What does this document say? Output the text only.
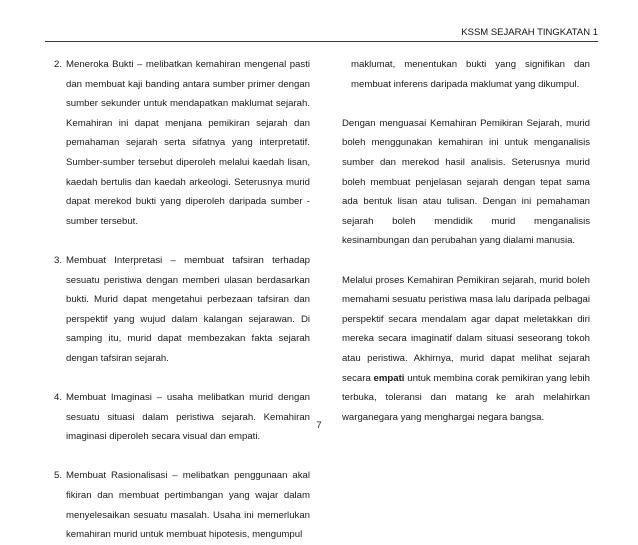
KSSM SEJARAH TINGKATAN 1
2. Meneroka Bukti – melibatkan kemahiran mengenal pasti dan membuat kaji banding antara sumber primer dengan sumber sekunder untuk mendapatkan maklumat sejarah. Kemahiran ini dapat menjana pemikiran sejarah dan pemahaman sejarah serta sifatnya yang interpretatif. Sumber-sumber tersebut diperoleh melalui kaedah lisan, kaedah bertulis dan kaedah arkeologi. Seterusnya murid dapat merekod bukti yang diperoleh daripada sumber - sumber tersebut.
3. Membuat Interpretasi – membuat tafsiran terhadap sesuatu peristiwa dengan memberi ulasan berdasarkan bukti. Murid dapat mengetahui perbezaan tafsiran dan perspektif yang wujud dalam kalangan sejarawan. Di samping itu, murid dapat membezakan fakta sejarah dengan tafsiran sejarah.
4. Membuat Imaginasi – usaha melibatkan murid dengan sesuatu situasi dalam peristiwa sejarah. Kemahiran imaginasi diperoleh secara visual dan empati.
5. Membuat Rasionalisasi – melibatkan penggunaan akal fikiran dan membuat pertimbangan yang wajar dalam menyelesaikan sesuatu masalah. Usaha ini memerlukan kemahiran murid untuk membuat hipotesis, mengumpul
maklumat, menentukan bukti yang signifikan dan membuat inferens daripada maklumat yang dikumpul.
Dengan menguasai Kemahiran Pemikiran Sejarah, murid boleh menggunakan kemahiran ini untuk menganalisis sumber dan merekod hasil analisis. Seterusnya murid boleh membuat penjelasan sejarah dengan tepat sama ada bentuk lisan atau tulisan. Dengan ini pemahaman sejarah boleh mendidik murid menganalisis kesinambungan dan perubahan yang dialami manusia.
Melalui proses Kemahiran Pemikiran sejarah, murid boleh memahami sesuatu peristiwa masa lalu daripada pelbagai perspektif secara mendalam agar dapat meletakkan diri mereka secara imaginatif dalam situasi seseorang tokoh atau peristiwa. Akhirnya, murid dapat melihat sejarah secara empati untuk membina corak pemikiran yang lebih terbuka, toleransi dan matang ke arah melahirkan warganegara yang menghargai negara bangsa.
7
